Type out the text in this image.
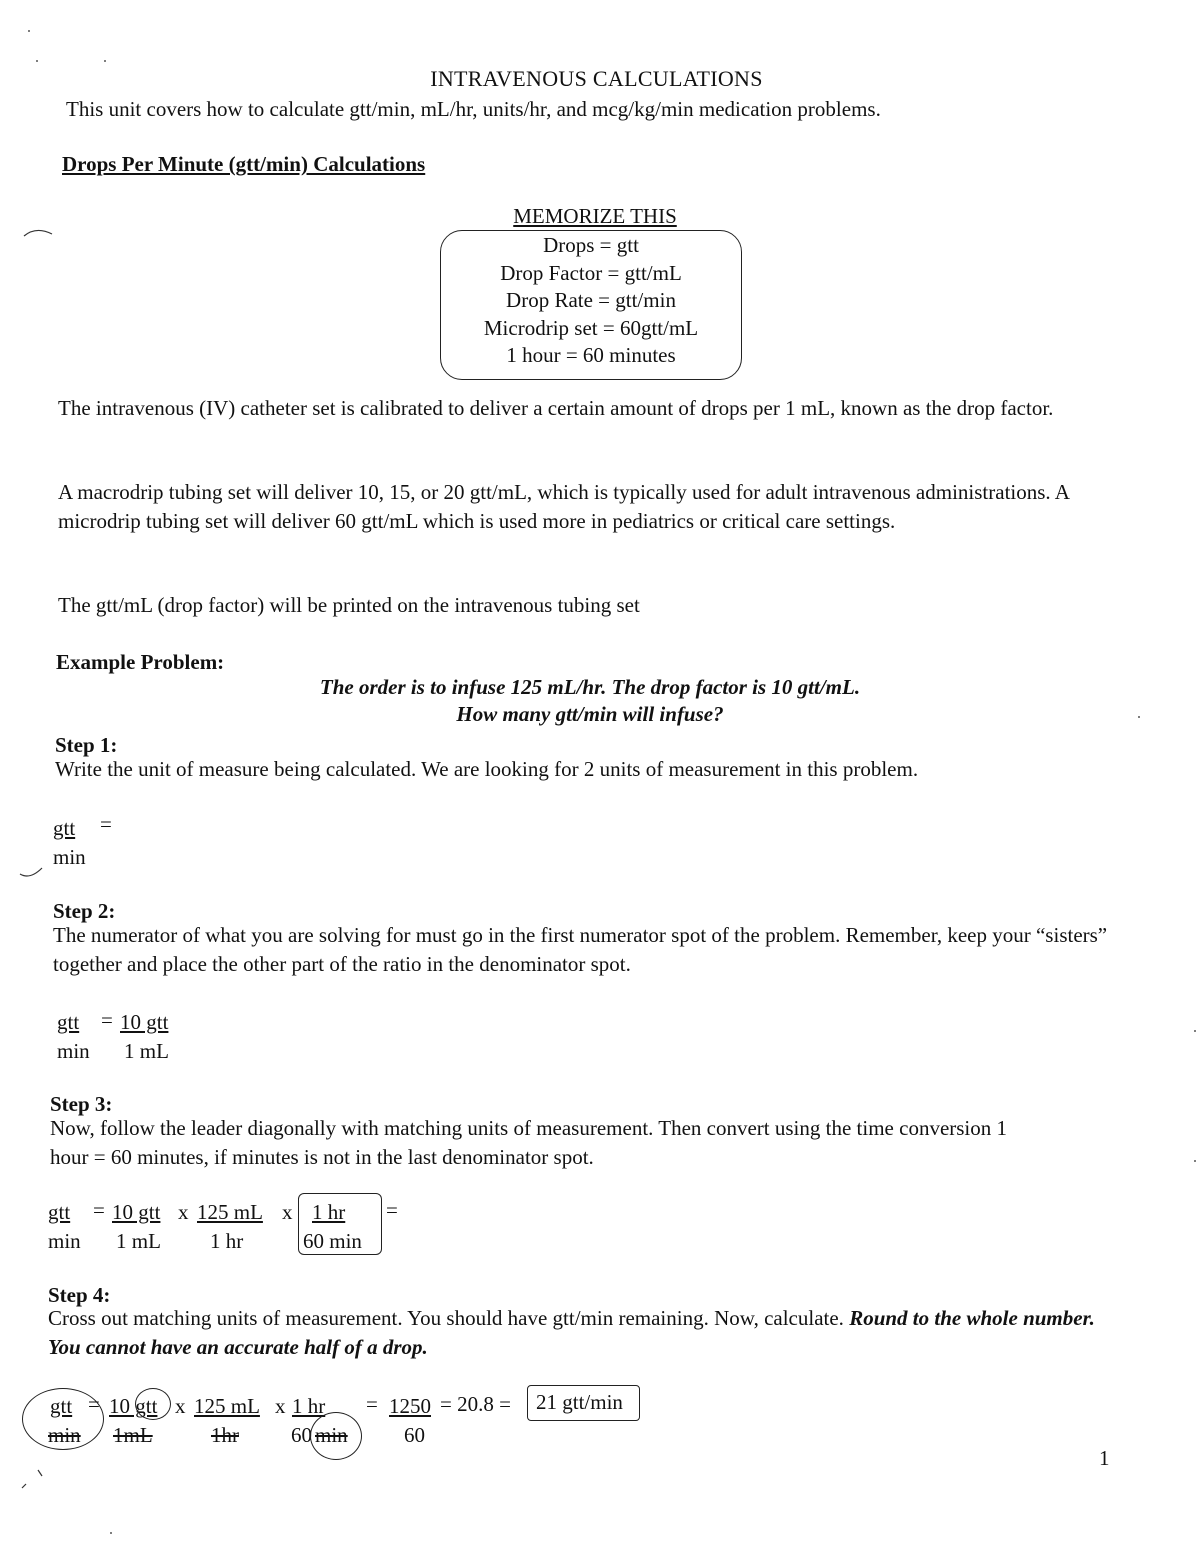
INTRAVENOUS CALCULATIONS
This unit covers how to calculate gtt/min, mL/hr, units/hr, and mcg/kg/min medication problems.
Drops Per Minute (gtt/min) Calculations
MEMORIZE THIS
Drops = gtt
Drop Factor = gtt/mL
Drop Rate = gtt/min
Microdrip set = 60gtt/mL
1 hour = 60 minutes
The intravenous (IV) catheter set is calibrated to deliver a certain amount of drops per 1 mL, known as the drop factor.
A macrodrip tubing set will deliver 10, 15, or 20 gtt/mL, which is typically used for adult intravenous administrations. A microdrip tubing set will deliver 60 gtt/mL which is used more in pediatrics or critical care settings.
The gtt/mL (drop factor) will be printed on the intravenous tubing set
Example Problem:
The order is to infuse 125 mL/hr. The drop factor is 10 gtt/mL.
How many gtt/min will infuse?
Step 1:
Write the unit of measure being calculated. We are looking for 2 units of measurement in this problem.
gtt =
min
Step 2:
The numerator of what you are solving for must go in the first numerator spot of the problem. Remember, keep your “sisters” together and place the other part of the ratio in the denominator spot.
gtt =
min
10 gtt
1 mL
Step 3:
Now, follow the leader diagonally with matching units of measurement. Then convert using the time conversion 1 hour = 60 minutes, if minutes is not in the last denominator spot.
gtt =
min
10 gtt
1 mL
x 125 mL
1 hr
x 1 hr
60 min
=
Step 4:
Cross out matching units of measurement. You should have gtt/min remaining. Now, calculate. Round to the whole number. You cannot have an accurate half of a drop.
gtt
min
= 10 gtt
1mL
x 125 mL
1hr
x 1 hr
60 min
= 1250
60
= 20.8 = 21 gtt/min
1
